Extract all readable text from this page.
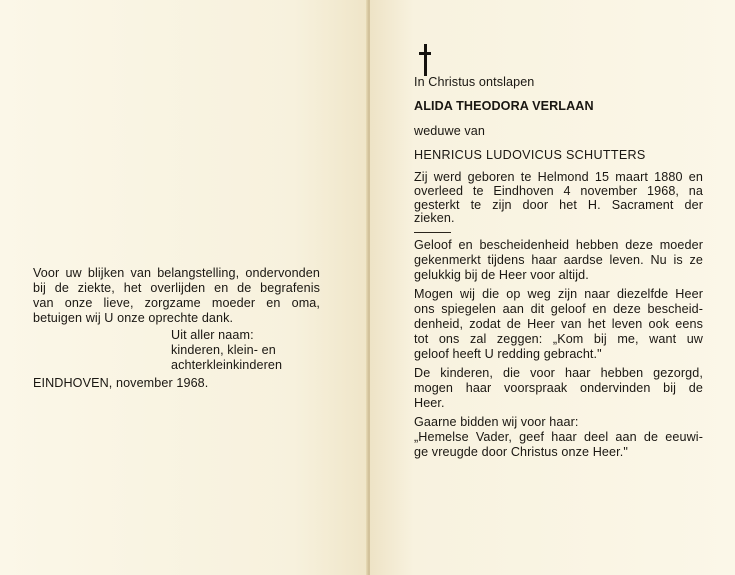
Voor uw blijken van belangstelling, ondervonden
bij de ziekte, het overlijden en de begrafenis
van onze lieve, zorgzame moeder en oma,
betuigen wij U onze oprechte dank.
Uit aller naam:
kinderen, klein- en
achterkleinkinderen
EINDHOVEN, november 1968.
In Christus ontslapen
ALIDA THEODORA VERLAAN
weduwe van
HENRICUS LUDOVICUS SCHUTTERS
Zij werd geboren te Helmond 15 maart 1880 en
overleed te Eindhoven 4 november 1968, na
gesterkt te zijn door het H. Sacrament der
zieken.
Geloof en bescheidenheid hebben deze moeder
gekenmerkt tijdens haar aardse leven. Nu is ze
gelukkig bij de Heer voor altijd.
Mogen wij die op weg zijn naar diezelfde Heer
ons spiegelen aan dit geloof en deze bescheid-
denheid, zodat de Heer van het leven ook eens
tot ons zal zeggen: „Kom bij me, want uw
geloof heeft U redding gebracht."
De kinderen, die voor haar hebben gezorgd,
mogen haar voorspraak ondervinden bij de
Heer.
Gaarne bidden wij voor haar:
„Hemelse Vader, geef haar deel aan de eeuwi-
ge vreugde door Christus onze Heer."
